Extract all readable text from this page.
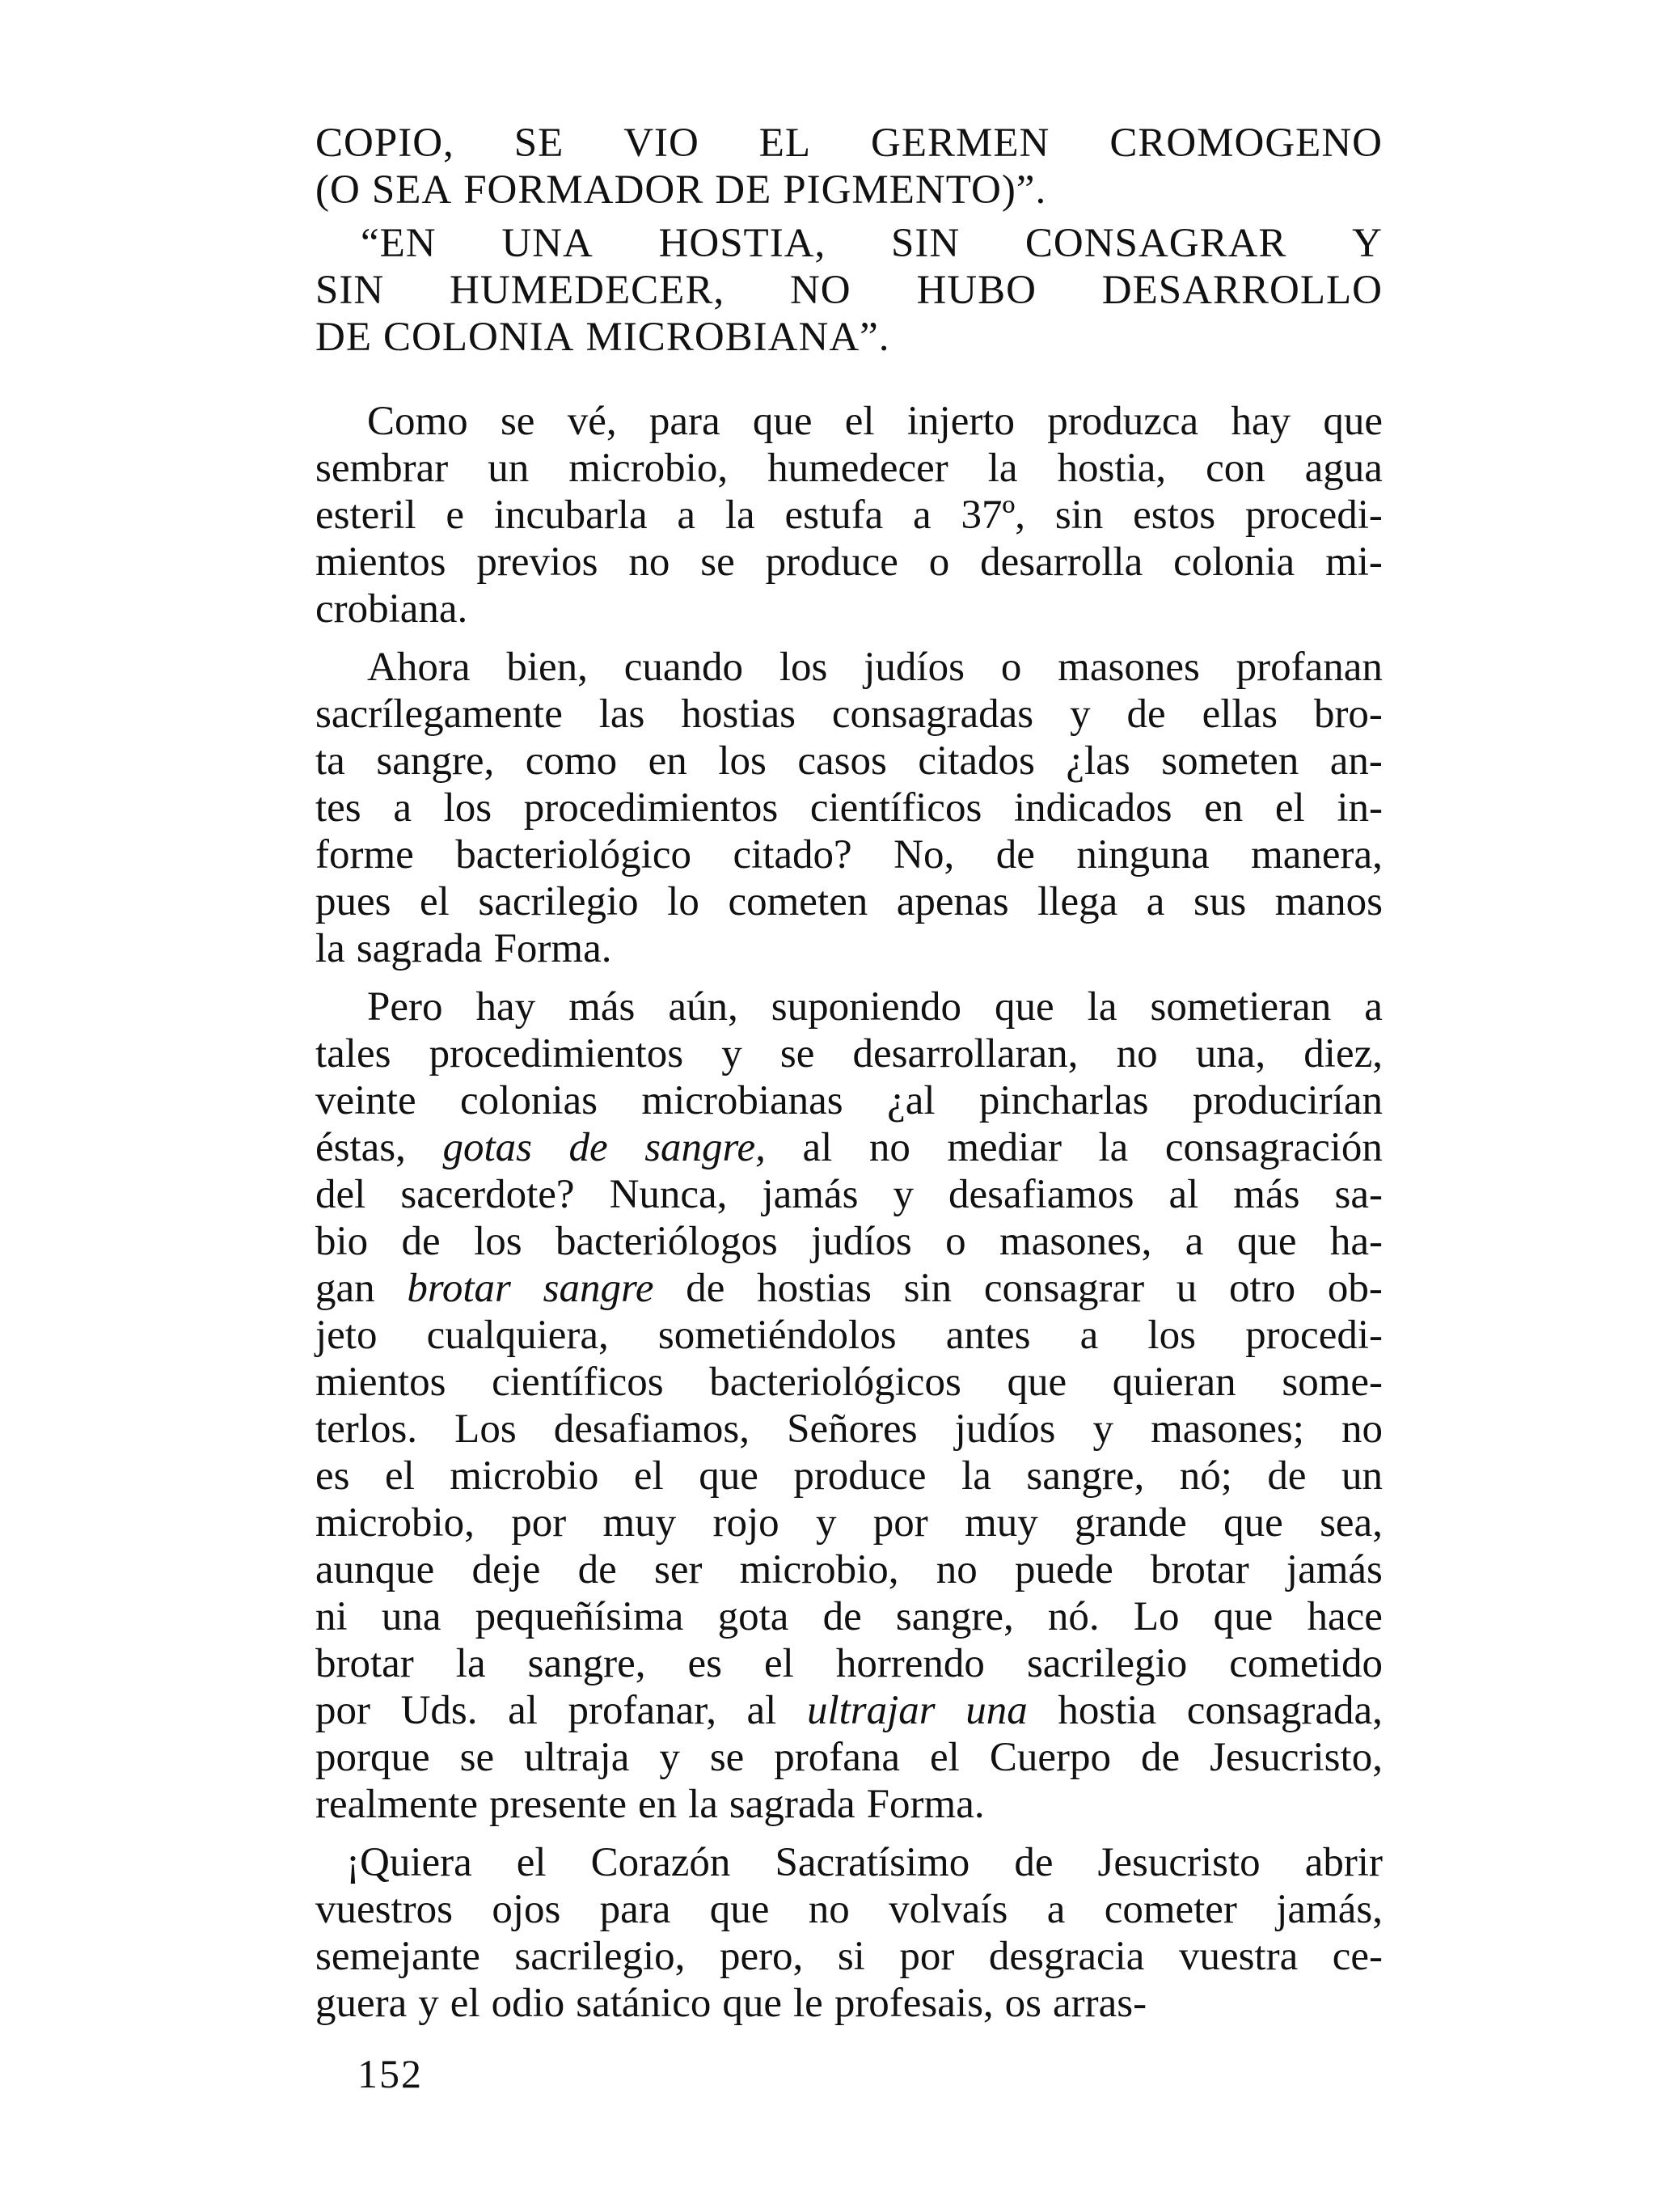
COPIO, SE VIO EL GERMEN CROMOGENO
(O SEA FORMADOR DE PIGMENTO)”.
“EN UNA HOSTIA, SIN CONSAGRAR Y
SIN HUMEDECER, NO HUBO DESARROLLO
DE COLONIA MICROBIANA”.
Como se vé, para que el injerto produzca hay que
sembrar un microbio, humedecer la hostia, con agua
esteril e incubarla a la estufa a 37º, sin estos procedi-
mientos previos no se produce o desarrolla colonia mi-
crobiana.
Ahora bien, cuando los judíos o masones profanan
sacrílegamente las hostias consagradas y de ellas bro-
ta sangre, como en los casos citados ¿las someten an-
tes a los procedimientos científicos indicados en el in-
forme bacteriológico citado? No, de ninguna manera,
pues el sacrilegio lo cometen apenas llega a sus manos
la sagrada Forma.
Pero hay más aún, suponiendo que la sometieran a
tales procedimientos y se desarrollaran, no una, diez,
veinte colonias microbianas ¿al pincharlas producirían
éstas, gotas de sangre, al no mediar la consagración
del sacerdote? Nunca, jamás y desafiamos al más sa-
bio de los bacteriólogos judíos o masones, a que ha-
gan brotar sangre de hostias sin consagrar u otro ob-
jeto cualquiera, sometiéndolos antes a los procedi-
mientos científicos bacteriológicos que quieran some-
terlos. Los desafiamos, Señores judíos y masones; no
es el microbio el que produce la sangre, nó; de un
microbio, por muy rojo y por muy grande que sea,
aunque deje de ser microbio, no puede brotar jamás
ni una pequeñísima gota de sangre, nó. Lo que hace
brotar la sangre, es el horrendo sacrilegio cometido
por Uds. al profanar, al ultrajar una hostia consagrada,
porque se ultraja y se profana el Cuerpo de Jesucristo,
realmente presente en la sagrada Forma.
¡Quiera el Corazón Sacratísimo de Jesucristo abrir
vuestros ojos para que no volvaís a cometer jamás,
semejante sacrilegio, pero, si por desgracia vuestra ce-
guera y el odio satánico que le profesais, os arras-
152
